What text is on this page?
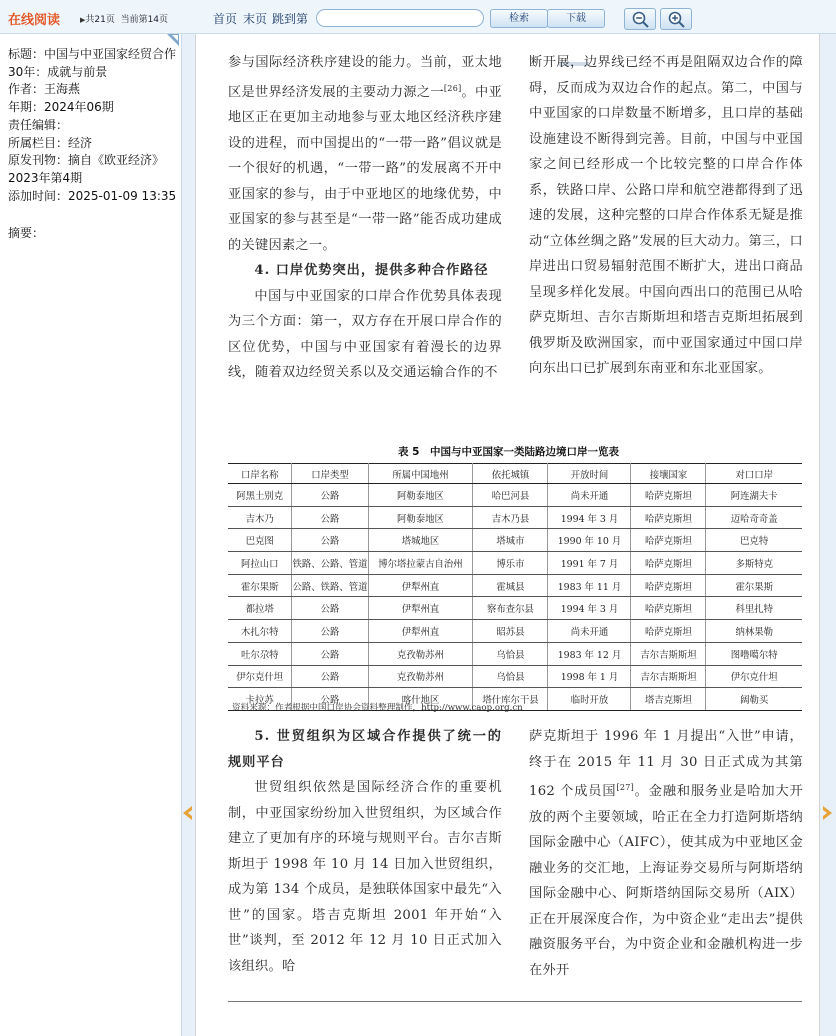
在线阅读	▶共21页 当前第14页	首页 末页 跳到第	检索	下载
标题：中国与中亚国家经贸合作30年：成就与前景
作者：王海燕
年期：2024年06期
责任编辑：
所属栏目：经济
原发刊物：摘自《欧亚经济》2023年第4期
添加时间：2025-01-09 13:35
摘要：

参与国际经济秩序建设的能力。当前，亚太地区是世界经济发展的主要动力源之一[26]。中亚地区正在更加主动地参与亚太地区经济秩序建设的进程，而中国提出的“一带一路”倡议就是一个很好的机遇，“一带一路”的发展离不开中亚国家的参与，由于中亚地区的地缘优势，中亚国家的参与甚至是“一带一路”能否成功建成的关键因素之一。

4. 口岸优势突出，提供多种合作路径

中国与中亚国家的口岸合作优势具体表现为三个方面：第一，双方存在开展口岸合作的区位优势，中国与中亚国家有着漫长的边界线，随着双边经贸关系以及交通运输合作的不

断开展，边界线已经不再是阻隔双边合作的障碍，反而成为双边合作的起点。第二，中国与中亚国家的口岸数量不断增多，且口岸的基础设施建设不断得到完善。目前，中国与中亚国家之间已经形成一个比较完整的口岸合作体系，铁路口岸、公路口岸和航空港都得到了迅速的发展，这种完整的口岸合作体系无疑是推动“立体丝绸之路”发展的巨大动力。第三，口岸进出口贸易辐射范围不断扩大，进出口商品呈现多样化发展。中国向西出口的范围已从哈萨克斯坦、吉尔吉斯斯坦和塔吉克斯坦拓展到俄罗斯及欧洲国家，而中亚国家通过中国口岸向东出口已扩展到东南亚和东北亚国家。

表 5　中国与中亚国家一类陆路边境口岸一览表
口岸名称	口岸类型	所属中国地州	依托城镇	开放时间	接壤国家	对口口岸
阿黑土别克	公路	阿勒泰地区	哈巴河县	尚未开通	哈萨克斯坦	阿连湖夫卡
吉木乃	公路	阿勒泰地区	吉木乃县	1994 年 3 月	哈萨克斯坦	迈哈奇奇盖
巴克图	公路	塔城地区	塔城市	1990 年 10 月	哈萨克斯坦	巴克特
阿拉山口	铁路、公路、管道	博尔塔拉蒙古自治州	博乐市	1991 年 7 月	哈萨克斯坦	多斯特克
霍尔果斯	公路、铁路、管道	伊犁州直	霍城县	1983 年 11 月	哈萨克斯坦	霍尔果斯
都拉塔	公路	伊犁州直	察布查尔县	1994 年 3 月	哈萨克斯坦	科里扎特
木扎尔特	公路	伊犁州直	昭苏县	尚未开通	哈萨克斯坦	纳林果勒
吐尔尕特	公路	克孜勒苏州	乌恰县	1983 年 12 月	吉尔吉斯斯坦	图噜噶尔特
伊尔克什坦	公路	克孜勒苏州	乌恰县	1998 年 1 月	吉尔吉斯斯坦	伊尔克什坦
卡拉苏	公路	喀什地区	塔什库尔干县	临时开放	塔吉克斯坦	阔勒买
资料来源：作者根据中国口岸协会资料整理制作，http://www.caop.org.cn

5. 世贸组织为区域合作提供了统一的规则平台

世贸组织依然是国际经济合作的重要机制，中亚国家纷纷加入世贸组织，为区域合作建立了更加有序的环境与规则平台。吉尔吉斯斯坦于 1998 年 10 月 14 日加入世贸组织，成为第 134 个成员，是独联体国家中最先“入世”的国家。塔吉克斯坦 2001 年开始“入世”谈判，至 2012 年 12 月 10 日正式加入该组织。哈

萨克斯坦于 1996 年 1 月提出“入世”申请，终于在 2015 年 11 月 30 日正式成为其第 162 个成员国[27]。金融和服务业是哈加大开放的两个主要领域，哈正在全力打造阿斯塔纳国际金融中心（AIFC），使其成为中亚地区金融业务的交汇地，上海证券交易所与阿斯塔纳国际金融中心、阿斯塔纳国际交易所（AIX）正在开展深度合作，为中资企业“走出去”提供融资服务平台，为中资企业和金融机构进一步在外开
